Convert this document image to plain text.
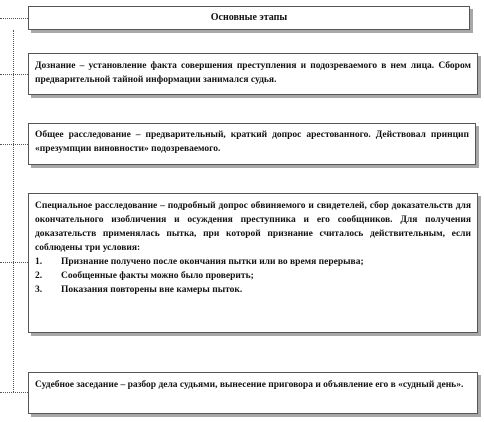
Основные этапы

Дознание – установление факта совершения преступления и подозреваемого в нем лица. Сбором предварительной тайной информации занимался судья.

Общее расследование – предварительный, краткий допрос арестованного. Действовал принцип «презумпции виновности» подозреваемого.

Специальное расследование – подробный допрос обвиняемого и свидетелей, сбор доказательств для окончательного изобличения и осуждения преступника и его сообщников. Для получения доказательств применялась пытка, при которой признание считалось действительным, если соблюдены три условия:

1.	Признание получено после окончания пытки или во время перерыва;
2.	Сообщенные факты можно было проверить;
3.	Показания повторены вне камеры пыток.

Судебное заседание – разбор дела судьями, вынесение приговора и объявление его в «судный день».
